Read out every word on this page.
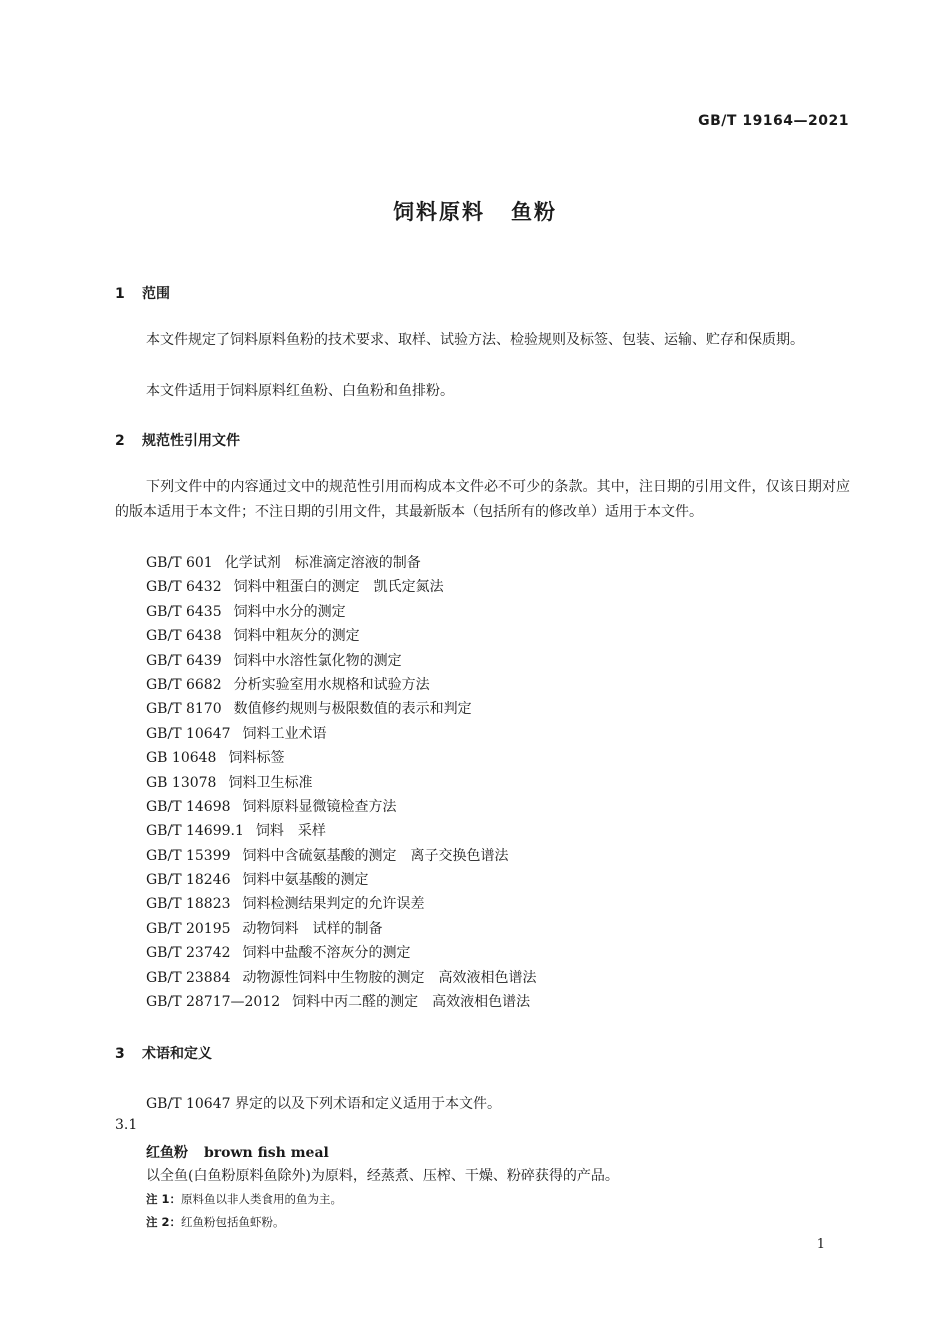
GB/T 19164—2021
饲料原料 鱼粉
1 范围
本文件规定了饲料原料鱼粉的技术要求、取样、试验方法、检验规则及标签、包装、运输、贮存和保质期。
本文件适用于饲料原料红鱼粉、白鱼粉和鱼排粉。
2 规范性引用文件
下列文件中的内容通过文中的规范性引用而构成本文件必不可少的条款。其中，注日期的引用文件，仅该日期对应的版本适用于本文件；不注日期的引用文件，其最新版本（包括所有的修改单）适用于本文件。
GB/T 601 化学试剂　标准滴定溶液的制备
GB/T 6432 饲料中粗蛋白的测定　凯氏定氮法
GB/T 6435 饲料中水分的测定
GB/T 6438 饲料中粗灰分的测定
GB/T 6439 饲料中水溶性氯化物的测定
GB/T 6682 分析实验室用水规格和试验方法
GB/T 8170 数值修约规则与极限数值的表示和判定
GB/T 10647 饲料工业术语
GB 10648 饲料标签
GB 13078 饲料卫生标准
GB/T 14698 饲料原料显微镜检查方法
GB/T 14699.1 饲料　采样
GB/T 15399 饲料中含硫氨基酸的测定　离子交换色谱法
GB/T 18246 饲料中氨基酸的测定
GB/T 18823 饲料检测结果判定的允许误差
GB/T 20195 动物饲料　试样的制备
GB/T 23742 饲料中盐酸不溶灰分的测定
GB/T 23884 动物源性饲料中生物胺的测定　高效液相色谱法
GB/T 28717—2012 饲料中丙二醛的测定　高效液相色谱法
3 术语和定义
GB/T 10647 界定的以及下列术语和定义适用于本文件。
3.1
红鱼粉 brown fish meal
以全鱼(白鱼粉原料鱼除外)为原料，经蒸煮、压榨、干燥、粉碎获得的产品。
注 1：原料鱼以非人类食用的鱼为主。
注 2：红鱼粉包括鱼虾粉。
1
